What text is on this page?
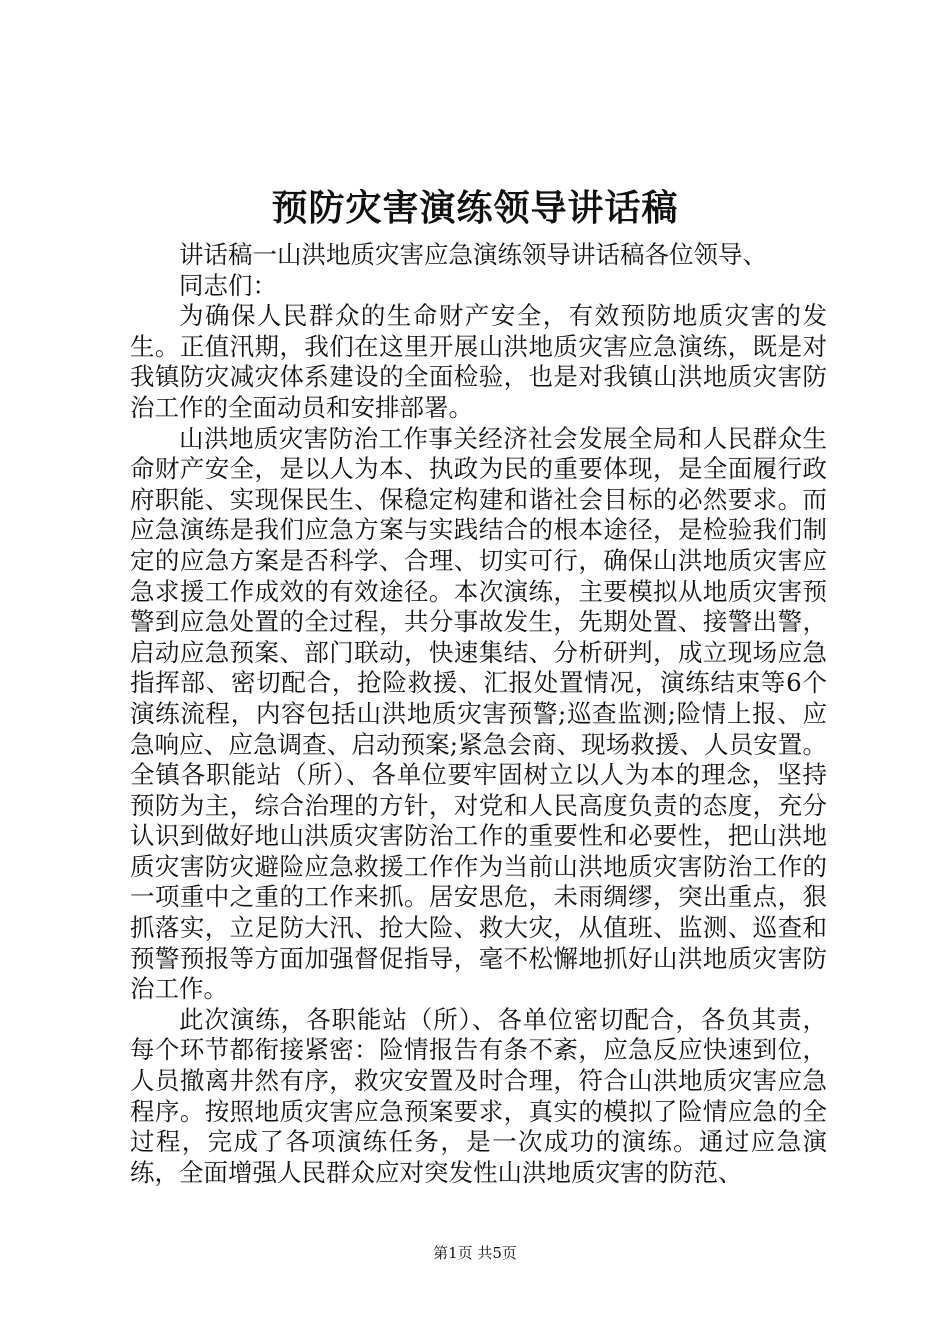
预防灾害演练领导讲话稿

讲话稿一山洪地质灾害应急演练领导讲话稿各位领导、

同志们：

为确保人民群众的生命财产安全，有效预防地质灾害的发生。正值汛期，我们在这里开展山洪地质灾害应急演练，既是对我镇防灾减灾体系建设的全面检验，也是对我镇山洪地质灾害防治工作的全面动员和安排部署。

山洪地质灾害防治工作事关经济社会发展全局和人民群众生命财产安全，是以人为本、执政为民的重要体现，是全面履行政府职能、实现保民生、保稳定构建和谐社会目标的必然要求。而应急演练是我们应急方案与实践结合的根本途径，是检验我们制定的应急方案是否科学、合理、切实可行，确保山洪地质灾害应急求援工作成效的有效途径。本次演练，主要模拟从地质灾害预警到应急处置的全过程，共分事故发生，先期处置、接警出警，启动应急预案、部门联动，快速集结、分析研判，成立现场应急指挥部、密切配合，抢险救援、汇报处置情况，演练结束等6个演练流程，内容包括山洪地质灾害预警;巡查监测;险情上报、应急响应、应急调查、启动预案;紧急会商、现场救援、人员安置。全镇各职能站（所）、各单位要牢固树立以人为本的理念，坚持预防为主，综合治理的方针，对党和人民高度负责的态度，充分认识到做好地山洪质灾害防治工作的重要性和必要性，把山洪地质灾害防灾避险应急救援工作作为当前山洪地质灾害防治工作的一项重中之重的工作来抓。居安思危，未雨绸缪，突出重点，狠抓落实，立足防大汛、抢大险、救大灾，从值班、监测、巡查和预警预报等方面加强督促指导，毫不松懈地抓好山洪地质灾害防治工作。

此次演练，各职能站（所）、各单位密切配合，各负其责，每个环节都衔接紧密：险情报告有条不紊，应急反应快速到位，人员撤离井然有序，救灾安置及时合理，符合山洪地质灾害应急程序。按照地质灾害应急预案要求，真实的模拟了险情应急的全过程，完成了各项演练任务，是一次成功的演练。通过应急演练，全面增强人民群众应对突发性山洪地质灾害的防范、

第1页 共5页
